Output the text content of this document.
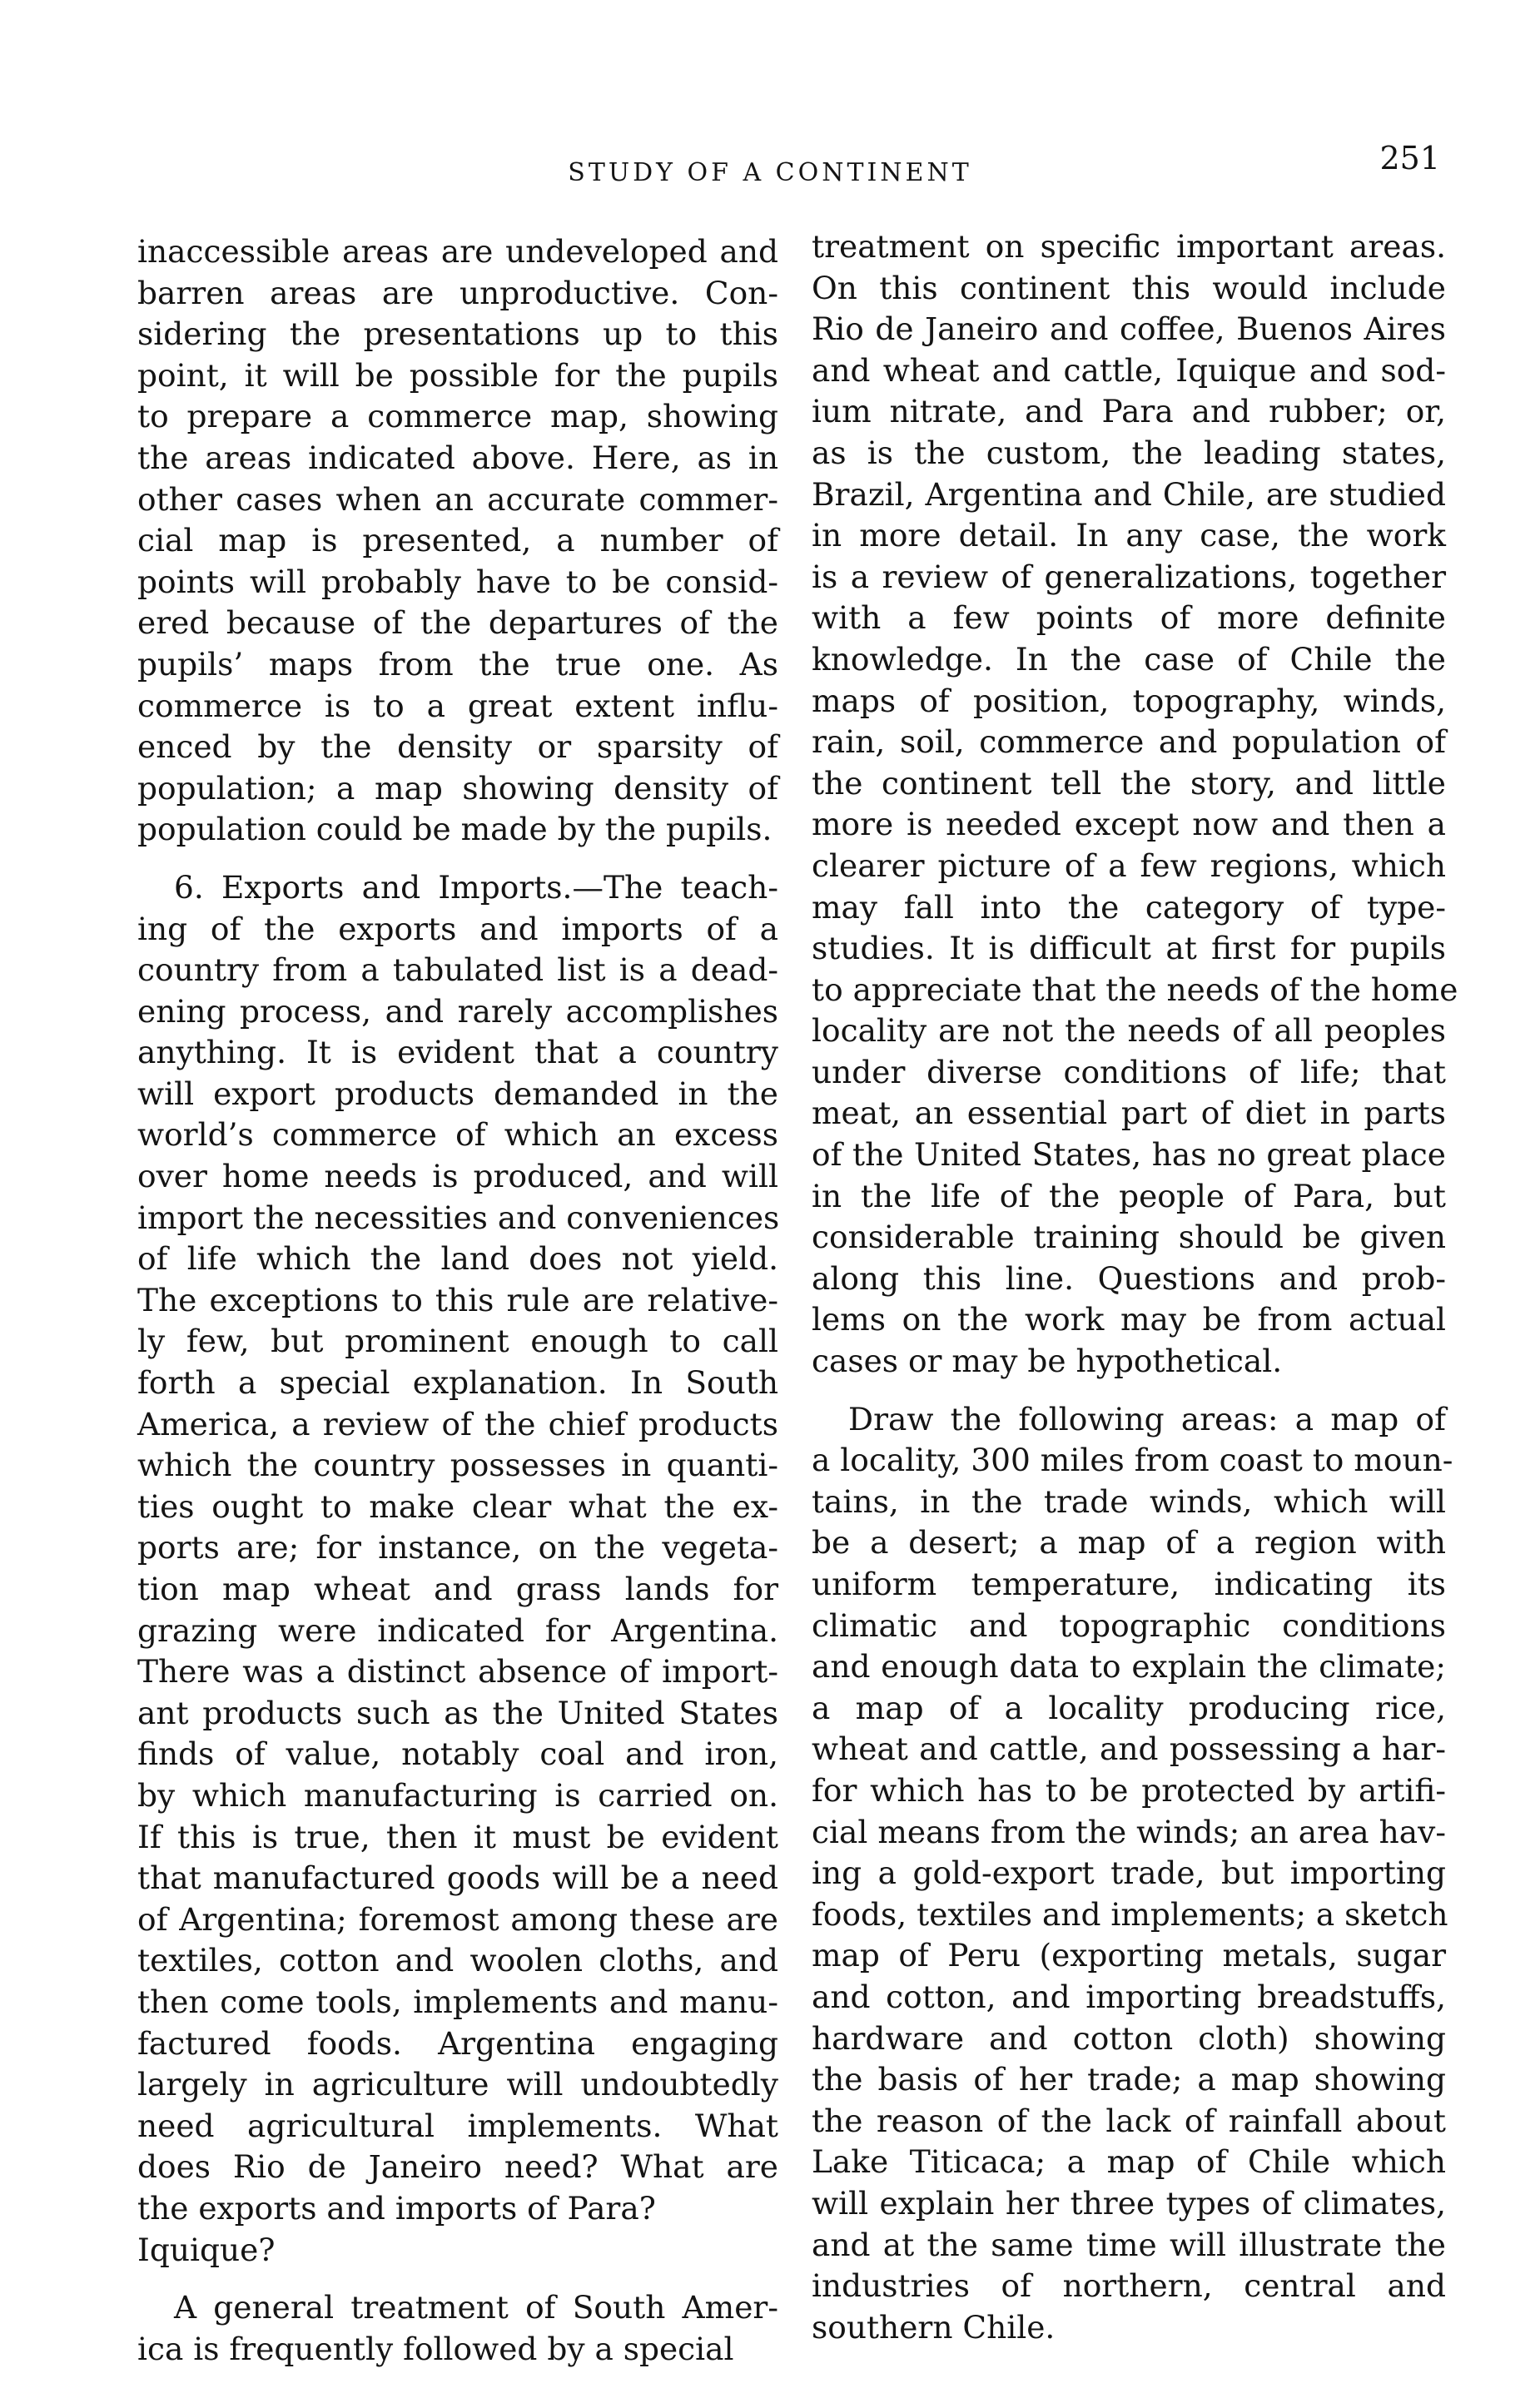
STUDY OF A CONTINENT	251
inaccessible areas are undeveloped and
barren areas are unproductive. Con-
sidering the presentations up to this
point, it will be possible for the pupils
to prepare a commerce map, showing
the areas indicated above. Here, as in
other cases when an accurate commer-
cial map is presented, a number of
points will probably have to be consid-
ered because of the departures of the
pupils’ maps from the true one. As
commerce is to a great extent influ-
enced by the density or sparsity of
population; a map showing density of
population could be made by the pupils.
6. Exports and Imports.—The teach-
ing of the exports and imports of a
country from a tabulated list is a dead-
ening process, and rarely accomplishes
anything. It is evident that a country
will export products demanded in the
world’s commerce of which an excess
over home needs is produced, and will
import the necessities and conveniences
of life which the land does not yield.
The exceptions to this rule are relative-
ly few, but prominent enough to call
forth a special explanation. In South
America, a review of the chief products
which the country possesses in quanti-
ties ought to make clear what the ex-
ports are; for instance, on the vegeta-
tion map wheat and grass lands for
grazing were indicated for Argentina.
There was a distinct absence of import-
ant products such as the United States
finds of value, notably coal and iron,
by which manufacturing is carried on.
If this is true, then it must be evident
that manufactured goods will be a need
of Argentina; foremost among these are
textiles, cotton and woolen cloths, and
then come tools, implements and manu-
factured foods. Argentina engaging
largely in agriculture will undoubtedly
need agricultural implements. What
does Rio de Janeiro need? What are
the exports and imports of Para?
Iquique?
A general treatment of South Amer-
ica is frequently followed by a special
treatment on specific important areas.
On this continent this would include
Rio de Janeiro and coffee, Buenos Aires
and wheat and cattle, Iquique and sod-
ium nitrate, and Para and rubber; or,
as is the custom, the leading states,
Brazil, Argentina and Chile, are studied
in more detail. In any case, the work
is a review of generalizations, together
with a few points of more definite
knowledge. In the case of Chile the
maps of position, topography, winds,
rain, soil, commerce and population of
the continent tell the story, and little
more is needed except now and then a
clearer picture of a few regions, which
may fall into the category of type-
studies. It is difficult at first for pupils
to appreciate that the needs of the home
locality are not the needs of all peoples
under diverse conditions of life; that
meat, an essential part of diet in parts
of the United States, has no great place
in the life of the people of Para, but
considerable training should be given
along this line. Questions and prob-
lems on the work may be from actual
cases or may be hypothetical.
Draw the following areas: a map of
a locality, 300 miles from coast to moun-
tains, in the trade winds, which will
be a desert; a map of a region with
uniform temperature, indicating its
climatic and topographic conditions
and enough data to explain the climate;
a map of a locality producing rice,
wheat and cattle, and possessing a har-
for which has to be protected by artifi-
cial means from the winds; an area hav-
ing a gold-export trade, but importing
foods, textiles and implements; a sketch
map of Peru (exporting metals, sugar
and cotton, and importing breadstuffs,
hardware and cotton cloth) showing
the basis of her trade; a map showing
the reason of the lack of rainfall about
Lake Titicaca; a map of Chile which
will explain her three types of climates,
and at the same time will illustrate the
industries of northern, central and
southern Chile.
